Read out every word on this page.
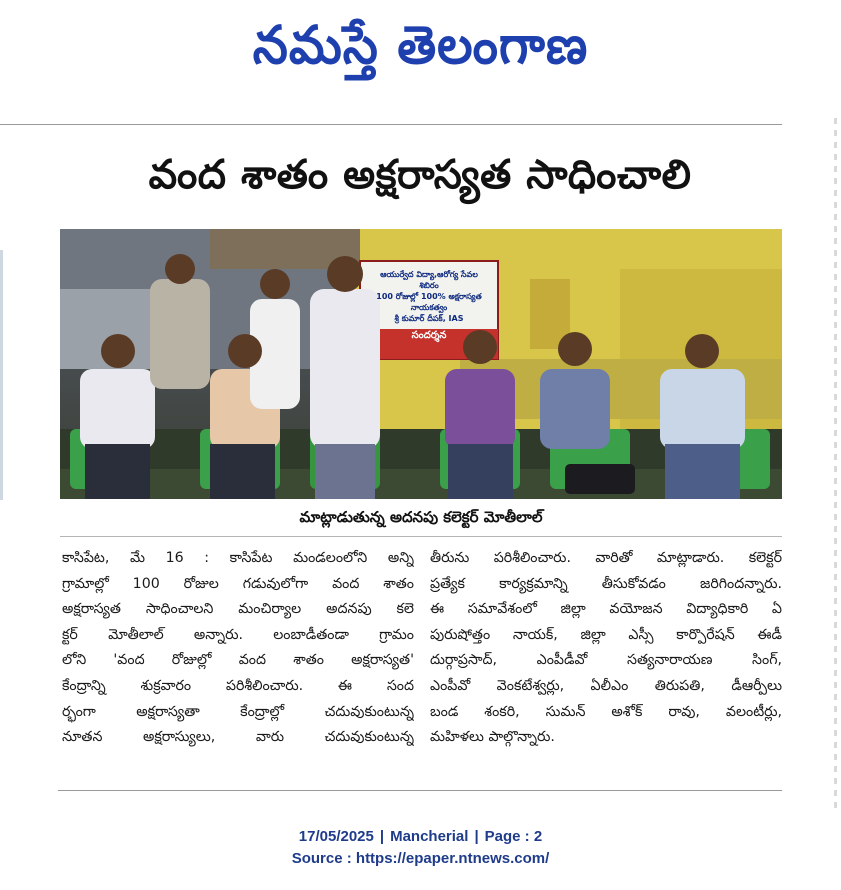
నమస్తే తెలంగాణ
వంద శాతం అక్షరాస్యత సాధించాలి
ఆయుర్వేద విద్యా,ఆరోగ్య సేవల శిబిరం
100 రోజుల్లో 100% అక్షరాస్యత
నాయకత్వం
శ్రీ కుమార్ దీపక్, IAS
సందర్శన
మాట్లాడుతున్న అదనపు కలెక్టర్ మోతీలాల్
కాసిపేట, మే 16 : కాసిపేట మండలంలోని అన్ని
గ్రామాల్లో 100 రోజుల గడువులోగా వంద శాతం
అక్షరాస్యత సాధించాలని మంచిర్యాల అదనపు కలె
క్టర్ మోతీలాల్ అన్నారు. లంబాడీతండా గ్రామం
లోని 'వంద రోజుల్లో వంద శాతం అక్షరాస్యత'
కేంద్రాన్ని శుక్రవారం పరిశీలించారు. ఈ సంద
ర్భంగా అక్షరాస్యతా కేంద్రాల్లో చదువుకుంటున్న
నూతన అక్షరాస్యులు, వారు చదువుకుంటున్న
తీరును పరిశీలించారు. వారితో మాట్లాడారు. కలెక్టర్
ప్రత్యేక కార్యక్రమాన్ని తీసుకోవడం జరిగిందన్నారు.
ఈ సమావేశంలో జిల్లా వయోజన విద్యాధికారి ఏ
పురుషోత్తం నాయక్, జిల్లా ఎస్సీ కార్పొరేషన్ ఈడీ
దుర్గాప్రసాద్, ఎంపీడీవో సత్యనారాయణ సింగ్,
ఎంపీవో వెంకటేశ్వర్లు, ఏలీఎం తిరుపతి, డీఆర్పీలు
బండ శంకరి, సుమన్ అశోక్ రావు, వలంటీర్లు,
మహిళలు పాల్గొన్నారు.
17/05/2025 | Mancherial | Page : 2
Source : https://epaper.ntnews.com/
